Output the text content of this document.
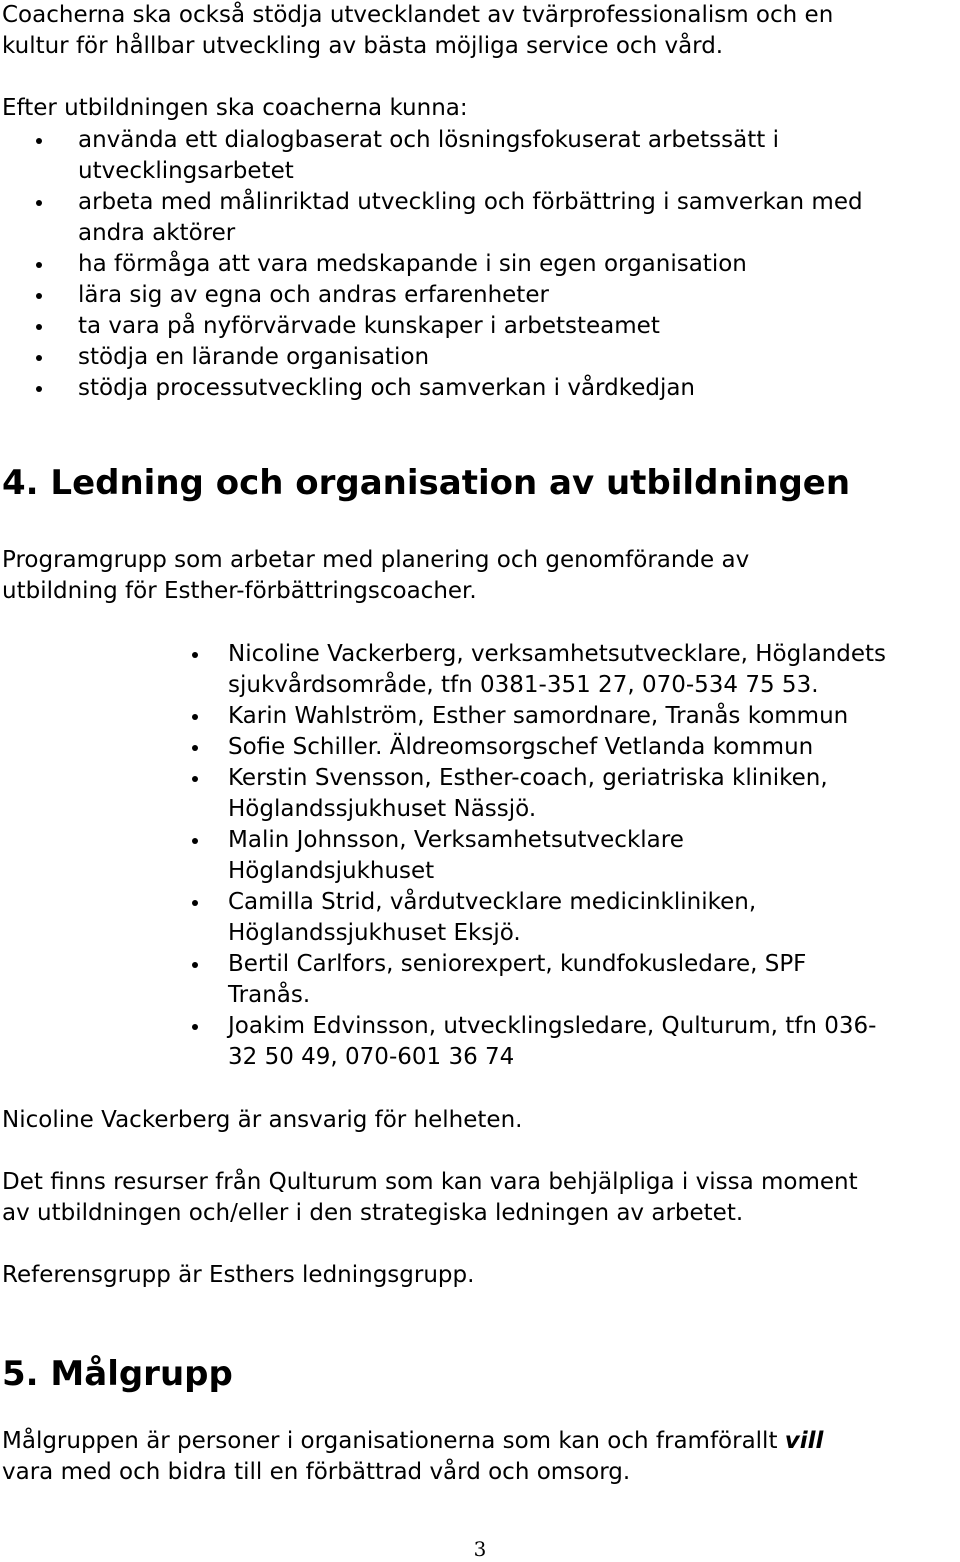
Coacherna ska också stödja utvecklandet av tvärprofessionalism och en
kultur för hållbar utveckling av bästa möjliga service och vård.

Efter utbildningen ska coacherna kunna:

använda ett dialogbaserat och lösningsfokuserat arbetssätt i
utvecklingsarbetet
arbeta med målinriktad utveckling och förbättring i samverkan med
andra aktörer
ha förmåga att vara medskapande i sin egen organisation
lära sig av egna och andras erfarenheter
ta vara på nyförvärvade kunskaper i arbetsteamet
stödja en lärande organisation
stödja processutveckling och samverkan i vårdkedjan
4. Ledning och organisation av utbildningen

Programgrupp som arbetar med planering och genomförande av
utbildning för Esther-förbättringscoacher.

Nicoline Vackerberg, verksamhetsutvecklare, Höglandets
sjukvårdsområde, tfn 0381-351 27, 070-534 75 53.
Karin Wahlström, Esther samordnare, Tranås kommun
Sofie Schiller. Äldreomsorgschef Vetlanda kommun
Kerstin Svensson, Esther-coach, geriatriska kliniken,
Höglandssjukhuset Nässjö.
Malin Johnsson, Verksamhetsutvecklare
Höglandsjukhuset
Camilla Strid, vårdutvecklare medicinkliniken,
Höglandssjukhuset Eksjö.
Bertil Carlfors, seniorexpert, kundfokusledare, SPF
Tranås.
Joakim Edvinsson, utvecklingsledare, Qulturum, tfn 036-
32 50 49, 070-601 36 74

Nicoline Vackerberg är ansvarig för helheten.

Det finns resurser från Qulturum som kan vara behjälpliga i vissa moment
av utbildningen och/eller i den strategiska ledningen av arbetet.

Referensgrupp är Esthers ledningsgrupp.

5. Målgrupp

Målgruppen är personer i organisationerna som kan och framförallt vill
vara med och bidra till en förbättrad vård och omsorg.

3
